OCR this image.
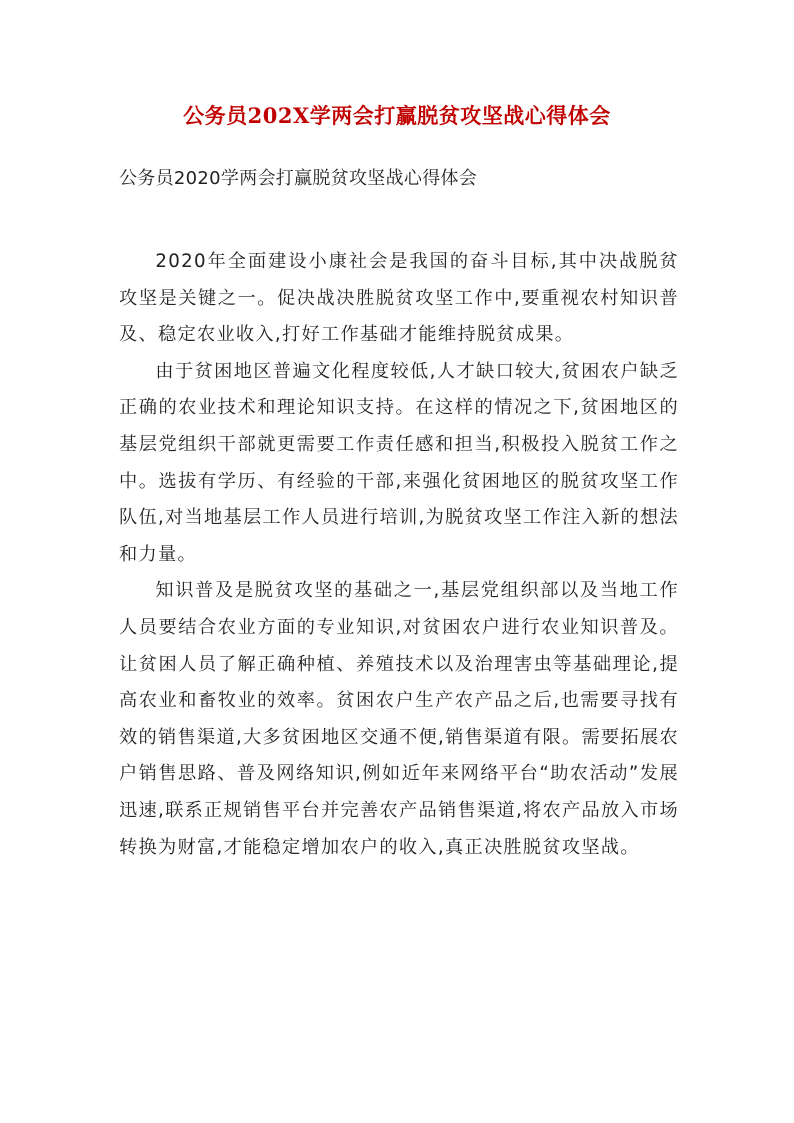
公务员202X学两会打赢脱贫攻坚战心得体会

公务员2020学两会打赢脱贫攻坚战心得体会

2020年全面建设小康社会是我国的奋斗目标,其中决战脱贫攻坚是关键之一。促决战决胜脱贫攻坚工作中,要重视农村知识普及、稳定农业收入,打好工作基础才能维持脱贫成果。

由于贫困地区普遍文化程度较低,人才缺口较大,贫困农户缺乏正确的农业技术和理论知识支持。在这样的情况之下,贫困地区的基层党组织干部就更需要工作责任感和担当,积极投入脱贫工作之中。选拔有学历、有经验的干部,来强化贫困地区的脱贫攻坚工作队伍,对当地基层工作人员进行培训,为脱贫攻坚工作注入新的想法和力量。

知识普及是脱贫攻坚的基础之一,基层党组织部以及当地工作人员要结合农业方面的专业知识,对贫困农户进行农业知识普及。让贫困人员了解正确种植、养殖技术以及治理害虫等基础理论,提高农业和畜牧业的效率。贫困农户生产农产品之后,也需要寻找有效的销售渠道,大多贫困地区交通不便,销售渠道有限。需要拓展农户销售思路、普及网络知识,例如近年来网络平台“助农活动”发展迅速,联系正规销售平台并完善农产品销售渠道,将农产品放入市场转换为财富,才能稳定增加农户的收入,真正决胜脱贫攻坚战。
